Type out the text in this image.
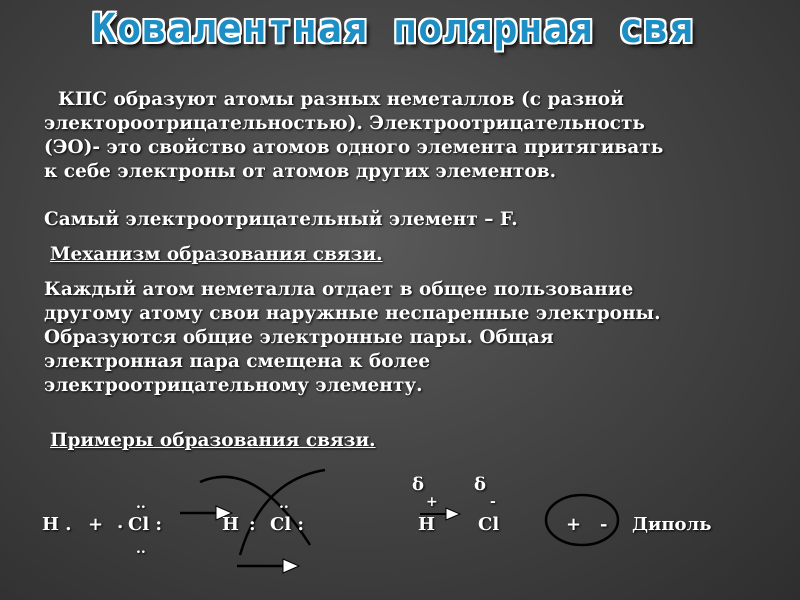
Ковалентная полярная свя
КПС образуют атомы разных неметаллов (с разной
электороотрицательностью). Электроотрицательность
(ЭО)- это свойство атомов одного элемента притягивать
к себе электроны от атомов других элементов.
Самый электроотрицательный элемент – F.
Механизм образования связи.
Каждый атом неметалла отдает в общее пользование
другому атому свои наружные неспаренные электроны.
Образуются общие электронные пары. Общая
электронная пара смещена к более
электроотрицательному элементу.
Примеры образования связи.
H . + .
..
Cl :
..
H :
..
Cl :
δ	δ
+	-
H Cl	+ - Диполь
